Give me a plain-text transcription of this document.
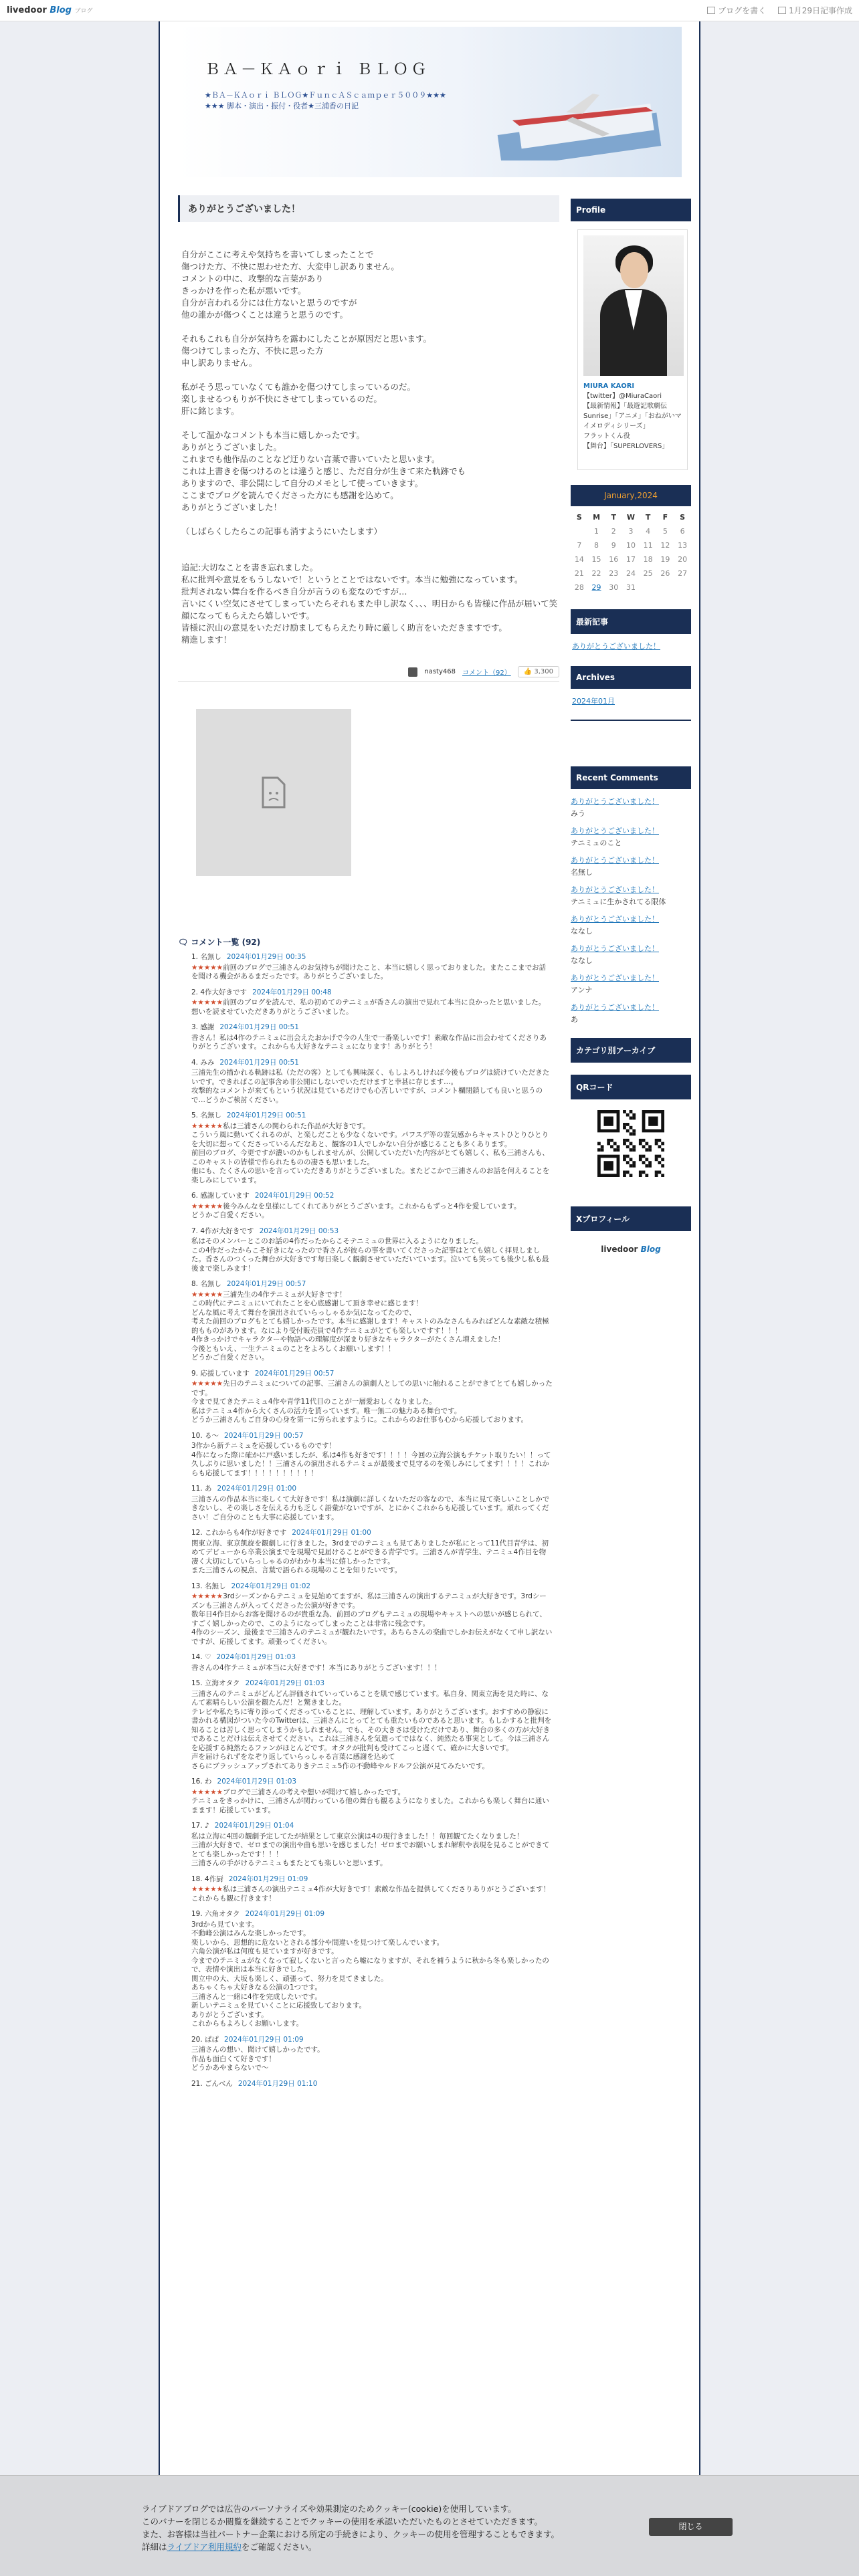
livedoor Blog ブログ	ブログを書く	1月29日記事作成
ＢＡ－ＫＡｏｒｉ ＢＬＯＧ
★ＢＡ－ＫＡｏｒｉ ＢＬＯＧ★ＦｕｎｃＡＳｃａｍｐｅｒ５００９★★★
★★★ 脚本・演出・振付・役者★三浦香の日記
ありがとうございました！
自分がここに考えや気持ちを書いてしまったことで
傷つけた方、不快に思わせた方、大変申し訳ありません。
コメントの中に、攻撃的な言葉があり
きっかけを作った私が悪いです。
自分が言われる分には仕方ないと思うのですが
他の誰かが傷つくことは違うと思うのです。

それもこれも自分が気持ちを露わにしたことが原因だと思います。
傷つけてしまった方、不快に思った方
申し訳ありません。

私がそう思っていなくても誰かを傷つけてしまっているのだ。
楽しませるつもりが不快にさせてしまっているのだ。
肝に銘じます。

そして温かなコメントも本当に嬉しかったです。
ありがとうございました。
これまでも他作品のことなど迂りない言葉で書いていたと思います。
これは上書きを傷つけるのとは違うと感じ、ただ自分が生きて来た軌跡でも
ありますので、非公開にして自分のメモとして使っていきます。
ここまでブログを読んでくださった方にも感謝を込めて。
ありがとうございました！

（しばらくしたらこの記事も消すようにいたします）

追記:大切なことを書き忘れました。
私に批判や意見をもうしないで！というとことではないです。本当に勉強になっています。
批判されない舞台を作るべき自分が言うのも変なのですが…
言いにくい空気にさせてしまっていたらそれもまた申し訳なく、、、明日からも皆様に作品が届いて笑顔になってもらえたら嬉しいです。
皆様に沢山の意見をいただけ励ましてもらえたり時に厳しく助言をいただきますです。
精進します！
nasty468 コメント（92）	👍 3,300
🗨 コメント一覧 (92)
1. 名無し 2024年01月29日 00:35
★★★★★前回のブログで三浦さんのお気持ちが聞けたこと、本当に嬉しく思っておりました。またここまでお話を聞ける機会があるまだったです。ありがとうございました。
2. 4作大好きです 2024年01月29日 00:48
★★★★★前回のブログを読んで、私の初めてのテニミュが香さんの演出で見れて本当に良かったと思いました。
想いを読ませていただきありがとうございました。
3. 感謝 2024年01月29日 00:51
香さん！私は4作のテニミュに出会えたおかげで今の人生で一番楽しいです！素敵な作品に出会わせてくださりありがとうございます。これからも大好きなテニミュになります！ありがとう！
4. みみ 2024年01月29日 00:51
三浦先生の描かれる軌跡は私（ただの客）としても興味深く、もしよろしければ今後もブログは続けていただきたいです。できればこの記事含め非公開にしないでいただけますと幸甚に存じます…。
攻撃的なコメントが来てもという状況は見ているだけでも心苦しいですが、コメント欄閉鎖しても良いと思うので…どうかご検討ください。
5. 名無し 2024年01月29日 00:51
★★★★★私は三浦さんの関わられた作品が大好きです。
こういう風に動いてくれるのが、と楽しだことも少なくないです。パフスデ等の霊気感からキャストひとりひとりを大切に想ってくださっているんだなあと、観客の1人でしかない自分が感じることも多くあります。
前回のブログ、今更ですが濃いのかもしれませんが、公開していただいた内容がとても嬉しく、私も三浦さんも、このキャストの皆様で作られたものの凄さも思いました。
他にも、たくさんの思いを言っていただきありがとうございました。またどこかで三浦さんのお話を何えることを楽しみにしています。
6. 感謝しています 2024年01月29日 00:52
★★★★★後今みんなを皇様にしてくれてありがとうございます。これからもずっと4作を愛しています。
どうかご自愛ください。
7. 4作が大好きです 2024年01月29日 00:53
私はそのメンバーとこのお話の4作だったからこそテニミュの世界に入るようになりました。
この4作だったからこそ好きになったので香さんが彼らの事を書いてくださった記事はとても嬉しく拝見しました。香さんのつくった舞台が大好きです毎日楽しく観劇させていただいています。泣いても笑っても後少し私も最後まで楽しみます！
8. 名無し 2024年01月29日 00:57
★★★★★三浦先生の4作テニミュが大好きです！
この時代にテニミュにいてれたことを心底感謝して頂き幸せに感じます！
どんな風に考えて舞台を演出されていらっしゃるか気になってたので、
考えた前回のブログもとても嬉しかったです。本当に感謝します！キャストのみなさんもみればどんな素敵な積極的もものがあります。なにより受付販売員で4作テニミュがとても楽しいですす！！！
4作きっかけでキャラクターや物語への理解度が深まり好きなキャラクターがたくさん増えました！
今後ともいえ、一生テニミュのことをよろしくお願いします！！
どうかご自愛ください。
9. 応援しています 2024年01月29日 00:57
★★★★★先日のテニミュについての記事、三浦さんの演劇人としての思いに触れることができてとても嬉しかったです。
今まで見てきたテニミュ4作や青学11代目のことが一層愛おしくなりました。
私はテニミュ4作から大くさんの活力を貰っています。唯一無二の魅力ある舞台です。
どうか三浦さんもご自身の心身を第一に労られますように。これからのお仕事も心から応援しております。
10. る～ 2024年01月29日 00:57
3作から新テニミュを応援しているものです！
4作になった際に確かに戸惑いましたが、私は4作も好きです！！！！今回の立海公演もチケット取りたい！！って久しぶりに思いました！！三浦さんの演出されるテニミュが最後まで見守るのを楽しみにしてます！！！！これからも応援してます！！！！！！！！！！
11. あ 2024年01月29日 01:00
三浦さんの作品本当に楽しくて大好きです！私は演劇に詳しくないただの客なので、本当に見て楽しいことしかできないし、その楽しさを伝える力も乏しく語彙がないですが、とにかくこれからも応援しています。頑れってください！ご自分のことも大事に応援しています。
12. これからも4作が好きです 2024年01月29日 01:00
関東立海、東京凱旋を観劇しに行きました。3rdまでのテニミュも見てありましたが私にとって11代目青学は、初めてデビューから卒業公演までを現場で見届けることができる青学です。三浦さんが青学生、テニミュ4作目を物凄く大切にしていらっしゃるのがわかり本当に嬉しかったです。
また三浦さんの視点、言葉で語られる現場のことを知りたいです。
13. 名無し 2024年01月29日 01:02
★★★★★3rdシーズンからテニミュを見始めてますが、私は三浦さんの演出するテニミュが大好きです。3rdシーズンも三浦さんが入ってくださった公演が好きです。
数年日4作目からお客を聞けるのが貴重な為、前回のブログもテニミュの現場やキャストへの思いが感じられて、すごく嬉しかったので、このようになってしまったことは非常に残念です。
4作のシーズン、最後まで三浦さんのテニミュが観れたいです。あちらさんの楽曲でしかお伝えがなくて申し訳ないですが、応援してます。頑張ってください。
14. ♡ 2024年01月29日 01:03
香さんの4作テニミュが本当に大好きです！本当にありがとうございます！！！
15. 立海オタク 2024年01月29日 01:03
三浦さんのテニミュがどんどん評価されていっていることを肌で感じています。私自身、関東立海を見た時に、なんて素晴らしい公演を観たんだ！と驚きました。
テレビや私たちに寄り添ってくださっていることに、理解しています。ありがとうございます。おすすめの静寂に書かれる構図がついた今のTwitterは、三浦さんにとってとても重たいものであると思います。もしかすると批判を知ることは苦しく思ってしまうかもしれません。でも、その大きさは受けただけであり、舞台の多くの方が大好きであることだけは伝えさせてください。これは三浦さんを気遣ってではなく、純然たる事実として。今は三浦さんを応援する純然たるファンがほとんどです。オタクが批判も受けてこっと遅くて、確かに大きいです。
声を届けられずをなぞり返していらっしゃる言葉に感謝を込めて
さらにブラッシュアップされてありきテニミュ5作の不動峰やルドルフ公演が見てみたいです。
16. わ 2024年01月29日 01:03
★★★★★ブログで三浦さんの考えや想いが聞けて嬉しかったです。
テニミュをきっかけに、三浦さんが関わっている他の舞台も観るようになりました。これからも楽しく舞台に通いまます！応援しています。
17. ♪ 2024年01月29日 01:04
私は立海に4回の観劇予定してたが結果として東京公演は4の現行きました！！毎回観てたくなりました！
三浦が大好きで、ゼロまでの演出や曲も思いを感じました！ゼロまでお願いしまれ解釈や表現を見ることができてとても楽しかったです！！！
三浦さんの手がけるテニミュもまたとても楽しいと思います。
18. 4作厨 2024年01月29日 01:09
★★★★★私は三浦さんの演出テニミュ4作が大好きです！素敵な作品を提供してくださりありがとうございます！これからも観に行きます！
19. 六角オタク 2024年01月29日 01:09
3rdから見ています。
不動峰公演はみんな楽しかったです。
楽しいから、思想的に危ないとされる部分や間違いを見つけて楽しんでいます。
六角公演が私は何度も見ていますが好きです。
今までのテニミュがなくなって寂しくないと言ったら嘘になりますが、それを補うように秋から冬も楽しかったので、表情や演出は本当に好きでした。
関立中の大、大坂も楽しく、頑張って、努力を見てきました。
あちゃくちゃ大好きなる公演の1つです。
三浦さんと一緒に4作を完成したいです。
新しいテニミュを見ていくことに応援致しております。
ありがとうございます。
これからもよろしくお願いします。
20. ぱぱ 2024年01月29日 01:09
三浦さんの想い、聞けて嬉しかったです。
作品も面白くて好きです！
どうかあやまらないで～
21. ごんべん 2024年01月29日 01:10
Profile
MIURA KAORI
【twitter】@MiuraCaori
【最新情報】「最遊記歌劇伝Sunrise」「アニメ」「おねがいマイメロディシリーズ」
フラットくん役
【舞台】「SUPERLOVERS」
January,2024
S	M	T	W	T	F	S
	1	2	3	4	5	6
7	8	9	10	11	12	13
14	15	16	17	18	19	20
21	22	23	24	25	26	27
28	29	30	31			
最新記事
ありがとうございました！
Archives
2024年01月
Recent Comments
ありがとうございました！
みう
ありがとうございました！
テニミュのこと
ありがとうございました！
名無し
ありがとうございました！
テニミュに生かされてる限体
ありがとうございました！
ななし
ありがとうございました！
ななし
ありがとうございました！
アンナ
ありがとうございました！
あ
カテゴリ別アーカイブ
QRコード
Xプロフィール
livedoor Blog
ライブドアブログでは広告のパーソナライズや効果測定のためクッキー(cookie)を使用しています。
このバナーを閉じるか閲覧を継続することでクッキーの使用を承認いただいたものとさせていただきます。
また、お客様は当社パートナー企業における所定の手続きにより、クッキーの使用を管理することもできます。
詳細はライブドア利用規約をご確認ください。
閉じる
